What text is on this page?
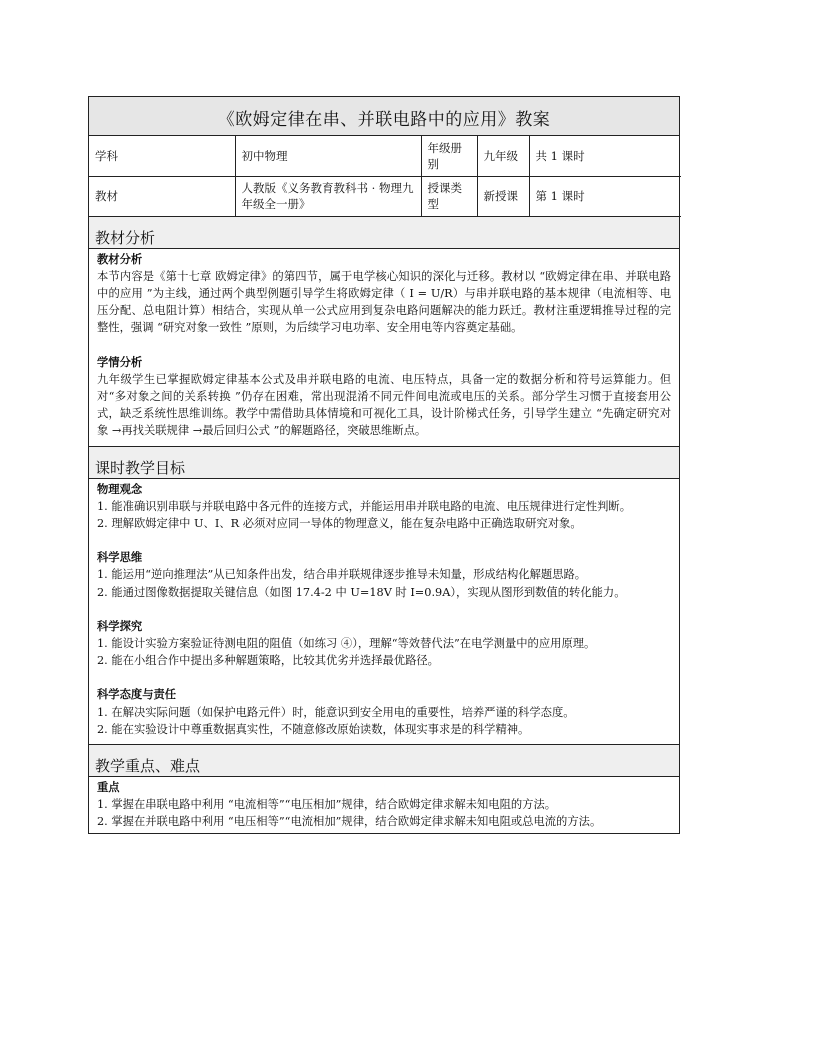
《欧姆定律在串、并联电路中的应用》教案
学科	初中物理	年级册别	九年级	共 1 课时
教材	人教版《义务教育教科书 · 物理九年级全一册》	授课类型	新授课	第 1 课时
教材分析
教材分析

本节内容是《第十七章 欧姆定律》的第四节，属于电学核心知识的深化与迁移。教材以 “欧姆定律在串、并联电路中的应用 ”为主线，通过两个典型例题引导学生将欧姆定律（ I = U/R）与串并联电路的基本规律（电流相等、电压分配、总电阻计算）相结合，实现从单一公式应用到复杂电路问题解决的能力跃迁。教材注重逻辑推导过程的完整性，强调 “研究对象一致性 ”原则，为后续学习电功率、安全用电等内容奠定基础。

学情分析

九年级学生已掌握欧姆定律基本公式及串并联电路的电流、电压特点，具备一定的数据分析和符号运算能力。但对“多对象之间的关系转换 ”仍存在困难，常出现混淆不同元件间电流或电压的关系。部分学生习惯于直接套用公式，缺乏系统性思维训练。教学中需借助具体情境和可视化工具，设计阶梯式任务，引导学生建立 “先确定研究对象 →再找关联规律 →最后回归公式 ”的解题路径，突破思维断点。

课时教学目标
物理观念

1. 能准确识别串联与并联电路中各元件的连接方式，并能运用串并联电路的电流、电压规律进行定性判断。

2. 理解欧姆定律中 U、I、R 必须对应同一导体的物理意义，能在复杂电路中正确选取研究对象。

科学思维

1. 能运用“逆向推理法”从已知条件出发，结合串并联规律逐步推导未知量，形成结构化解题思路。

2. 能通过图像数据提取关键信息（如图 17.4-2 中 U=18V 时 I=0.9A），实现从图形到数值的转化能力。

科学探究

1. 能设计实验方案验证待测电阻的阻值（如练习 ④），理解“等效替代法”在电学测量中的应用原理。

2. 能在小组合作中提出多种解题策略，比较其优劣并选择最优路径。

科学态度与责任

1. 在解决实际问题（如保护电路元件）时，能意识到安全用电的重要性，培养严谨的科学态度。

2. 能在实验设计中尊重数据真实性，不随意修改原始读数，体现实事求是的科学精神。

教学重点、难点
重点

1. 掌握在串联电路中利用 “电流相等”“电压相加”规律，结合欧姆定律求解未知电阻的方法。

2. 掌握在并联电路中利用 “电压相等”“电流相加”规律，结合欧姆定律求解未知电阻或总电流的方法。
